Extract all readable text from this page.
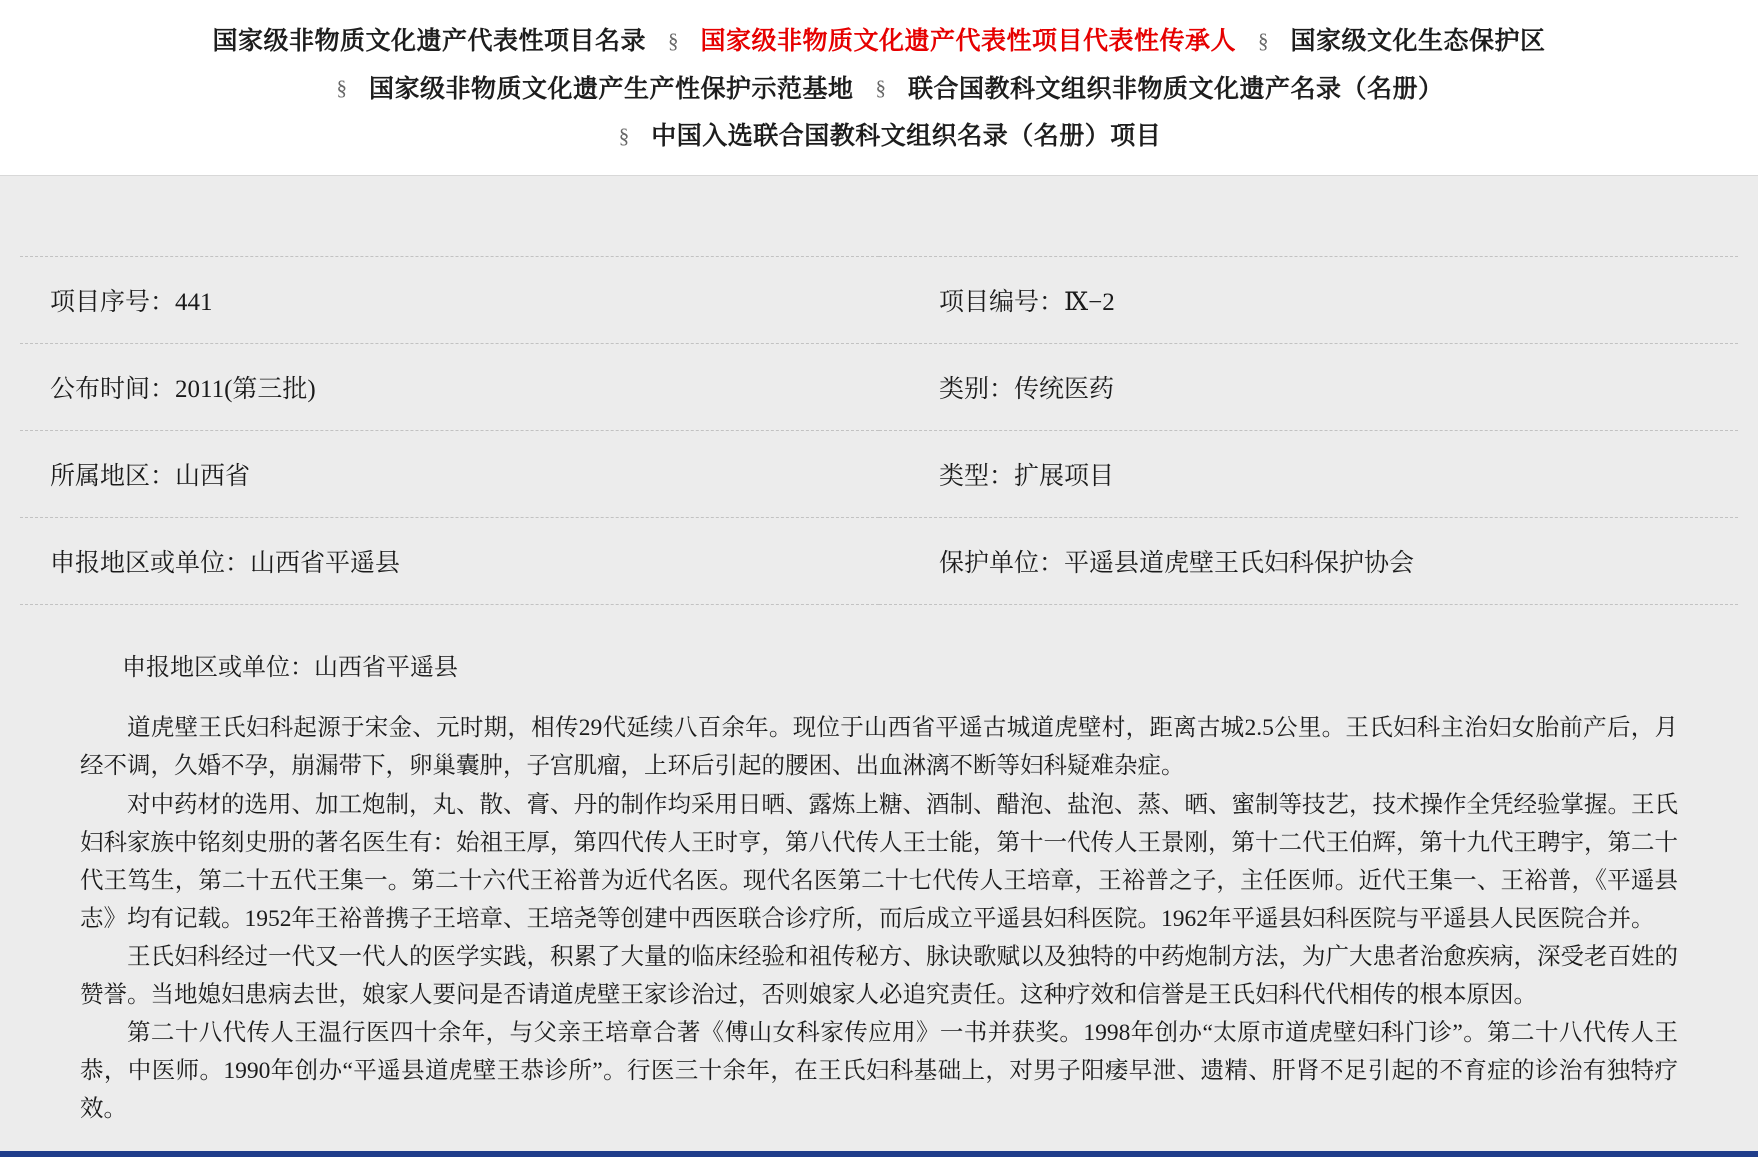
国家级非物质文化遗产代表性项目名录 § 国家级非物质文化遗产代表性项目代表性传承人 § 国家级文化生态保护区
§ 国家级非物质文化遗产生产性保护示范基地 § 联合国教科文组织非物质文化遗产名录（名册）
§ 中国入选联合国教科文组织名录（名册）项目
项目序号：441	项目编号：Ⅸ−2
公布时间：2011(第三批)	类别：传统医药
所属地区：山西省	类型：扩展项目
申报地区或单位：山西省平遥县	保护单位：平遥县道虎壁王氏妇科保护协会
申报地区或单位：山西省平遥县

道虎壁王氏妇科起源于宋金、元时期，相传29代延续八百余年。现位于山西省平遥古城道虎壁村，距离古城2.5公里。王氏妇科主治妇女胎前产后，月经不调，久婚不孕，崩漏带下，卵巢囊肿，子宫肌瘤，上环后引起的腰困、出血淋漓不断等妇科疑难杂症。

对中药材的选用、加工炮制，丸、散、膏、丹的制作均采用日晒、露炼上糖、酒制、醋泡、盐泡、蒸、晒、蜜制等技艺，技术操作全凭经验掌握。王氏妇科家族中铭刻史册的著名医生有：始祖王厚，第四代传人王时亨，第八代传人王士能，第十一代传人王景刚，第十二代王伯辉，第十九代王聘宇，第二十代王笃生，第二十五代王集一。第二十六代王裕普为近代名医。现代名医第二十七代传人王培章，王裕普之子，主任医师。近代王集一、王裕普，《平遥县志》均有记载。1952年王裕普携子王培章、王培尧等创建中西医联合诊疗所，而后成立平遥县妇科医院。1962年平遥县妇科医院与平遥县人民医院合并。

王氏妇科经过一代又一代人的医学实践，积累了大量的临床经验和祖传秘方、脉诀歌赋以及独特的中药炮制方法，为广大患者治愈疾病，深受老百姓的赞誉。当地媳妇患病去世，娘家人要问是否请道虎壁王家诊治过，否则娘家人必追究责任。这种疗效和信誉是王氏妇科代代相传的根本原因。

第二十八代传人王温行医四十余年，与父亲王培章合著《傅山女科家传应用》一书并获奖。1998年创办“太原市道虎壁妇科门诊”。第二十八代传人王恭，中医师。1990年创办“平遥县道虎壁王恭诊所”。行医三十余年，在王氏妇科基础上，对男子阳痿早泄、遗精、肝肾不足引起的不育症的诊治有独特疗效。
